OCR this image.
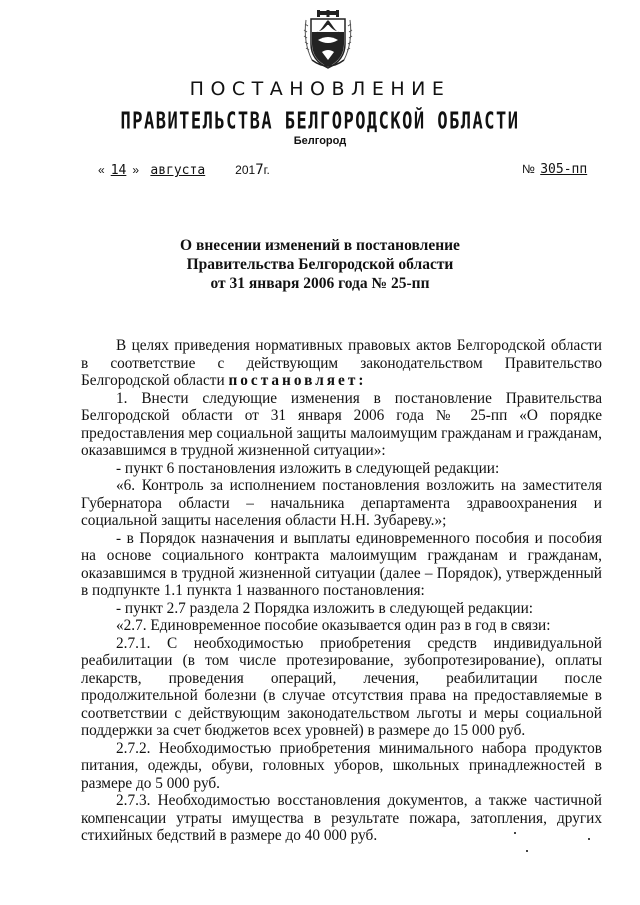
ПОСТАНОВЛЕНИЕ
ПРАВИТЕЛЬСТВА БЕЛГОРОДСКОЙ ОБЛАСТИ
Белгород
« 14 » августа	2017г.	№ 305-пп
О внесении изменений в постановление
Правительства Белгородской области
от 31 января 2006 года № 25-пп

В целях приведения нормативных правовых актов Белгородской области в соответствие с действующим законодательством Правительство Белгородской области постановляет:

1. Внести следующие изменения в постановление Правительства Белгородской области от 31 января 2006 года № 25-пп «О порядке предоставления мер социальной защиты малоимущим гражданам и гражданам, оказавшимся в трудной жизненной ситуации»:

- пункт 6 постановления изложить в следующей редакции:

«6. Контроль за исполнением постановления возложить на заместителя Губернатора области – начальника департамента здравоохранения и социальной защиты населения области Н.Н. Зубареву.»;

- в Порядок назначения и выплаты единовременного пособия и пособия на основе социального контракта малоимущим гражданам и гражданам, оказавшимся в трудной жизненной ситуации (далее – Порядок), утвержденный в подпункте 1.1 пункта 1 названного постановления:

- пункт 2.7 раздела 2 Порядка изложить в следующей редакции:

«2.7. Единовременное пособие оказывается один раз в год в связи:

2.7.1. С необходимостью приобретения средств индивидуальной реабилитации (в том числе протезирование, зубопротезирование), оплаты лекарств, проведения операций, лечения, реабилитации после продолжительной болезни (в случае отсутствия права на предоставляемые в соответствии с действующим законодательством льготы и меры социальной поддержки за счет бюджетов всех уровней) в размере до 15 000 руб.

2.7.2. Необходимостью приобретения минимального набора продуктов питания, одежды, обуви, головных уборов, школьных принадлежностей в размере до 5 000 руб.

2.7.3. Необходимостью восстановления документов, а также частичной компенсации утраты имущества в результате пожара, затопления, других стихийных бедствий в размере до 40 000 руб.
